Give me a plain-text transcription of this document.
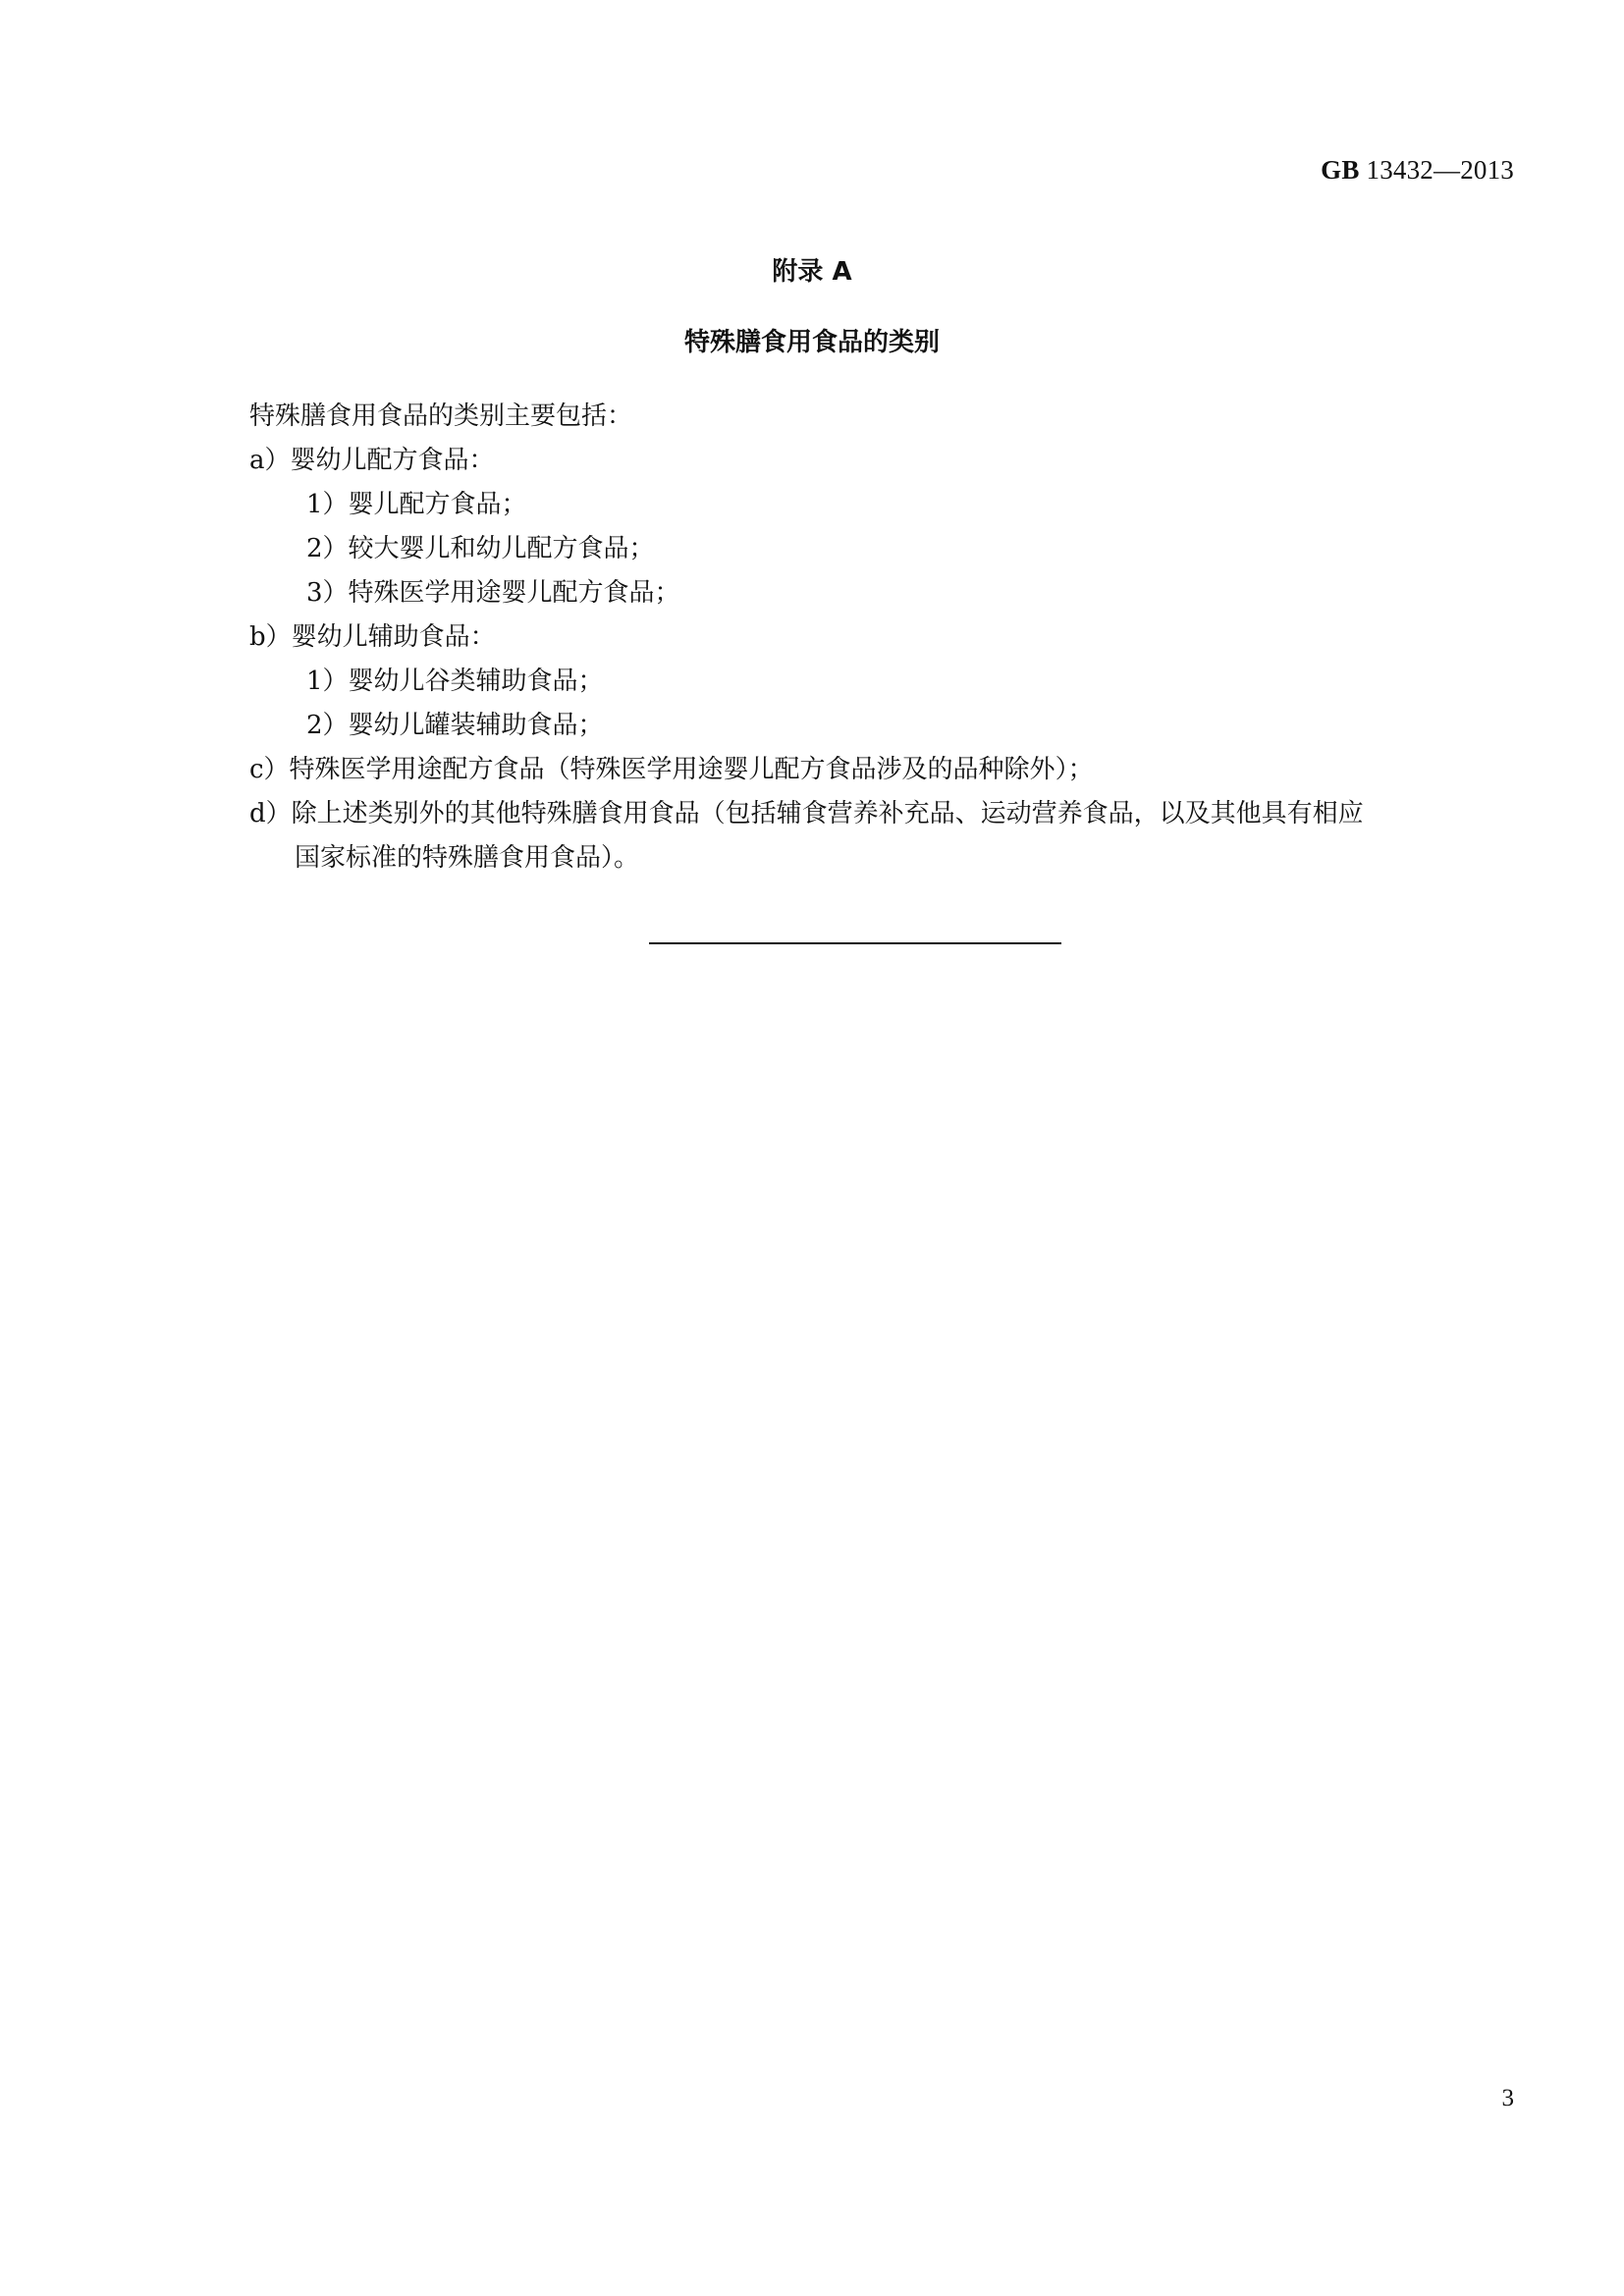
GB 13432—2013
附录 A
特殊膳食用食品的类别
特殊膳食用食品的类别主要包括：
a）婴幼儿配方食品：
1）婴儿配方食品；
2）较大婴儿和幼儿配方食品；
3）特殊医学用途婴儿配方食品；
b）婴幼儿辅助食品：
1）婴幼儿谷类辅助食品；
2）婴幼儿罐装辅助食品；
c）特殊医学用途配方食品（特殊医学用途婴儿配方食品涉及的品种除外）；
d）除上述类别外的其他特殊膳食用食品（包括辅食营养补充品、运动营养食品，以及其他具有相应
国家标准的特殊膳食用食品）。
3
